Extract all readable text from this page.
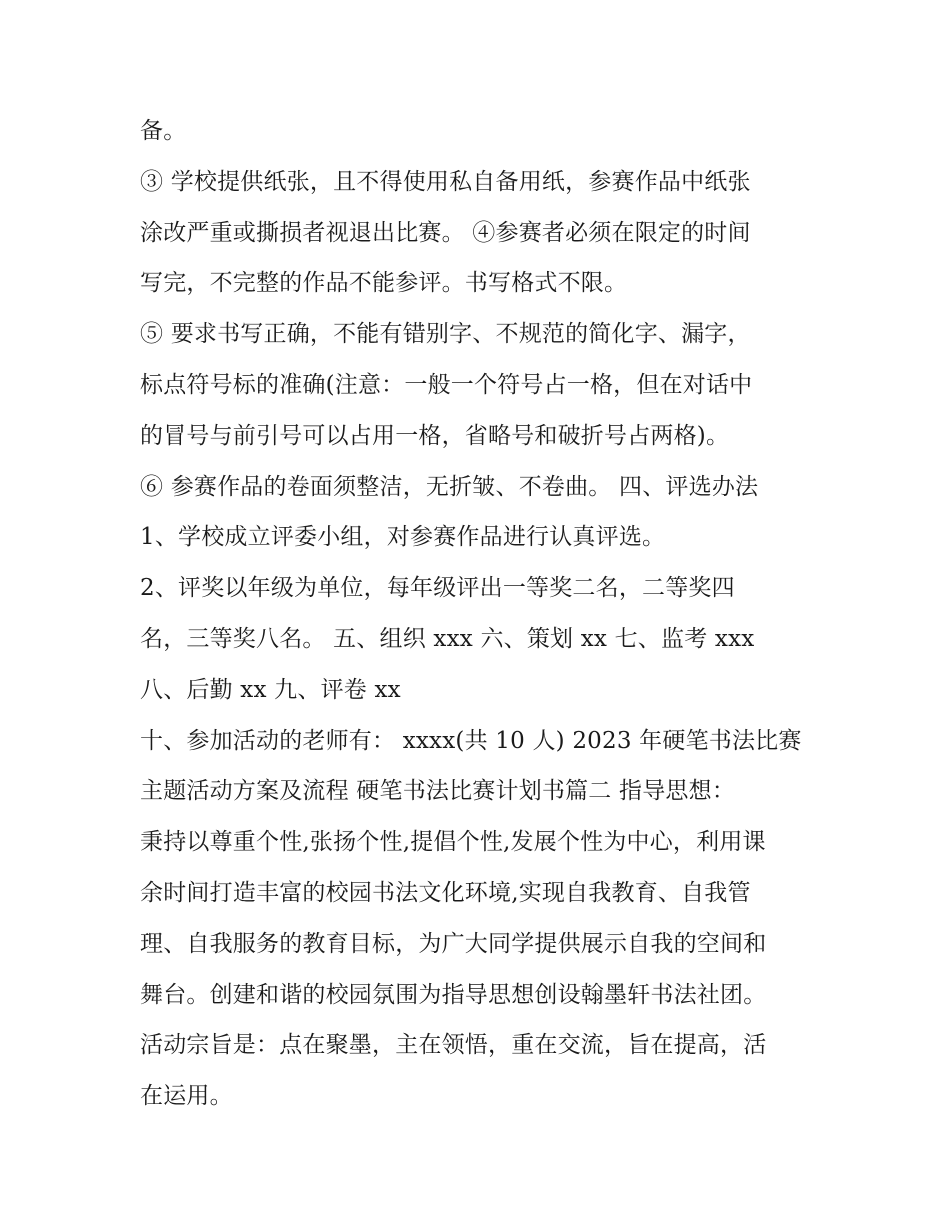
备。
③ 学校提供纸张，且不得使用私自备用纸，参赛作品中纸张
涂改严重或撕损者视退出比赛。 ④参赛者必须在限定的时间
写完，不完整的作品不能参评。书写格式不限。
⑤ 要求书写正确，不能有错别字、不规范的简化字、漏字，
标点符号标的准确(注意：一般一个符号占一格，但在对话中
的冒号与前引号可以占用一格，省略号和破折号占两格)。
⑥ 参赛作品的卷面须整洁，无折皱、不卷曲。 四、评选办法
1、学校成立评委小组，对参赛作品进行认真评选。
2、评奖以年级为单位，每年级评出一等奖二名，二等奖四
名，三等奖八名。 五、组织 xxx 六、策划 xx 七、监考 xxx
八、后勤 xx 九、评卷 xx
十、参加活动的老师有： xxxx(共 10 人) 2023 年硬笔书法比赛
主题活动方案及流程 硬笔书法比赛计划书篇二 指导思想：
秉持以尊重个性,张扬个性,提倡个性,发展个性为中心，利用课
余时间打造丰富的校园书法文化环境,实现自我教育、自我管
理、自我服务的教育目标，为广大同学提供展示自我的空间和
舞台。创建和谐的校园氛围为指导思想创设翰墨轩书法社团。
活动宗旨是：点在聚墨，主在领悟，重在交流，旨在提高，活
在运用。
